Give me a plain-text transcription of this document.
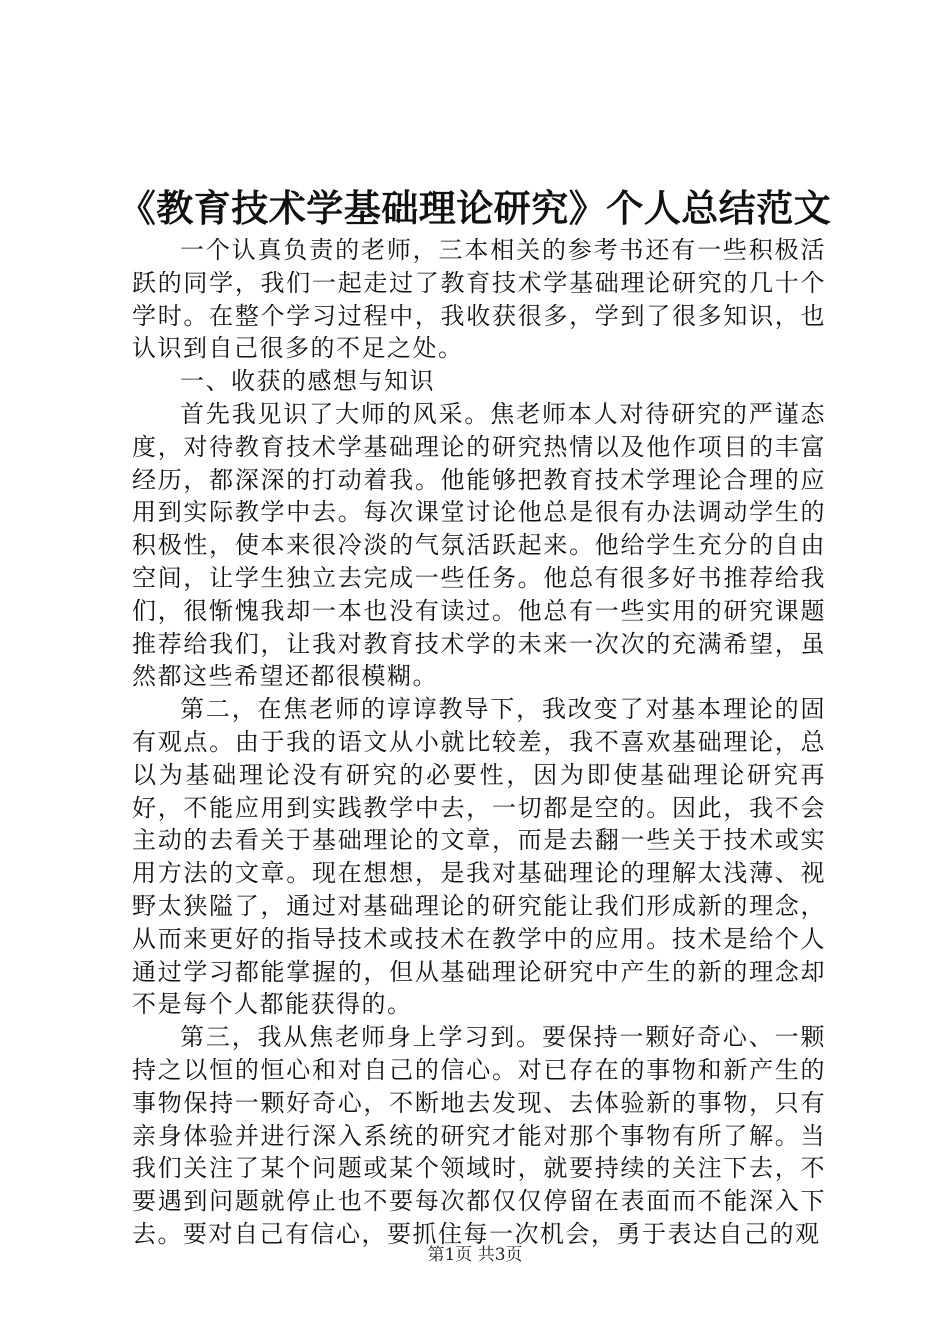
《教育技术学基础理论研究》个人总结范文

一个认真负责的老师，三本相关的参考书还有一些积极活跃的同学，我们一起走过了教育技术学基础理论研究的几十个学时。在整个学习过程中，我收获很多，学到了很多知识，也认识到自己很多的不足之处。

一、收获的感想与知识

首先我见识了大师的风采。焦老师本人对待研究的严谨态度，对待教育技术学基础理论的研究热情以及他作项目的丰富经历，都深深的打动着我。他能够把教育技术学理论合理的应用到实际教学中去。每次课堂讨论他总是很有办法调动学生的积极性，使本来很冷淡的气氛活跃起来。他给学生充分的自由空间，让学生独立去完成一些任务。他总有很多好书推荐给我们，很惭愧我却一本也没有读过。他总有一些实用的研究课题推荐给我们，让我对教育技术学的未来一次次的充满希望，虽然都这些希望还都很模糊。

第二，在焦老师的谆谆教导下，我改变了对基本理论的固有观点。由于我的语文从小就比较差，我不喜欢基础理论，总以为基础理论没有研究的必要性，因为即使基础理论研究再好，不能应用到实践教学中去，一切都是空的。因此，我不会主动的去看关于基础理论的文章，而是去翻一些关于技术或实用方法的文章。现在想想，是我对基础理论的理解太浅薄、视野太狭隘了，通过对基础理论的研究能让我们形成新的理念，从而来更好的指导技术或技术在教学中的应用。技术是给个人通过学习都能掌握的，但从基础理论研究中产生的新的理念却不是每个人都能获得的。

第三，我从焦老师身上学习到。要保持一颗好奇心、一颗持之以恒的恒心和对自己的信心。对已存在的事物和新产生的事物保持一颗好奇心，不断地去发现、去体验新的事物，只有亲身体验并进行深入系统的研究才能对那个事物有所了解。当我们关注了某个问题或某个领域时，就要持续的关注下去，不要遇到问题就停止也不要每次都仅仅停留在表面而不能深入下去。要对自己有信心，要抓住每一次机会，勇于表达自己的观

第1页 共3页
